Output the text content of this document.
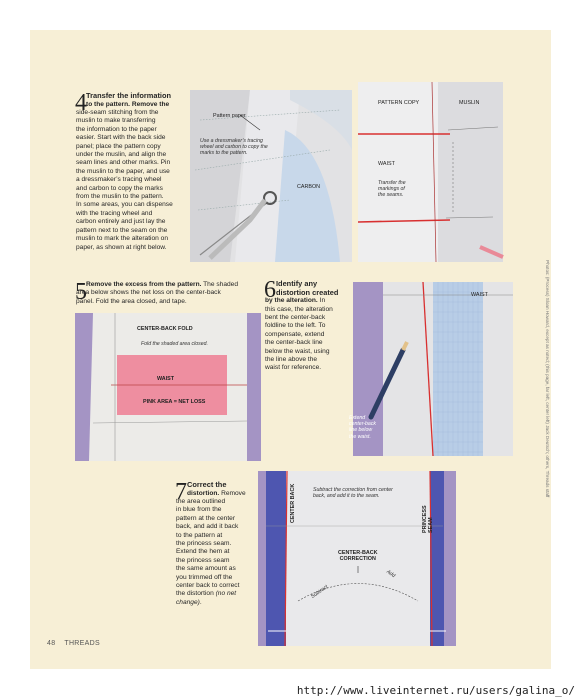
4 Transfer the information
to the pattern. Remove the
side-seam stitching from the
muslin to make transferring
the information to the paper
easier. Start with the back side
panel; place the pattern copy
under the muslin, and align the
seam lines and other marks. Pin
the muslin to the paper, and use
a dressmaker’s tracing wheel
and carbon to copy the marks
from the muslin to the pattern.
In some areas, you can dispense
with the tracing wheel and
carbon entirely and just lay the
pattern next to the seam on the
muslin to mark the alteration on
paper, as shown at right below.
Pattern paper
Use a dressmaker’s tracing
wheel and carbon to copy the
marks to the pattern.
CARBON
PATTERN COPY	MUSLIN
WAIST
Transfer the
markings of
the seams.
5 Remove the excess from the pattern. The shaded
area below shows the net loss on the center-back
panel. Fold the area closed, and tape.
CENTER-BACK FOLD
Fold the shaded area closed.
WAIST
PINK AREA = NET LOSS
6 Identify any
distortion created
by the alteration. In
this case, the alteration
bent the center-back
foldline to the left. To
compensate, extend
the center-back line
below the waist, using
the line above the
waist for reference.
WAIST
Extend
center-back
line below
the waist.
7 Correct the
distortion. Remove
the area outlined
in blue from the
pattern at the center
back, and add it back
to the pattern at
the princess seam.
Extend the hem at
the princess seam
the same amount as
you trimmed off the
center back to correct
the distortion (no net
change).
CENTER BACK	PRINCESS SEAM
Subtract the correction from center
back, and add it to the seam.
CENTER-BACK
CORRECTION
Subtract
Add
48 THREADS
Photos: (Process) Sloan Howard, except as noted; (this page, far left, center left) Jack Deutsch; others, Threads staff
http://www.liveinternet.ru/users/galina_o/
